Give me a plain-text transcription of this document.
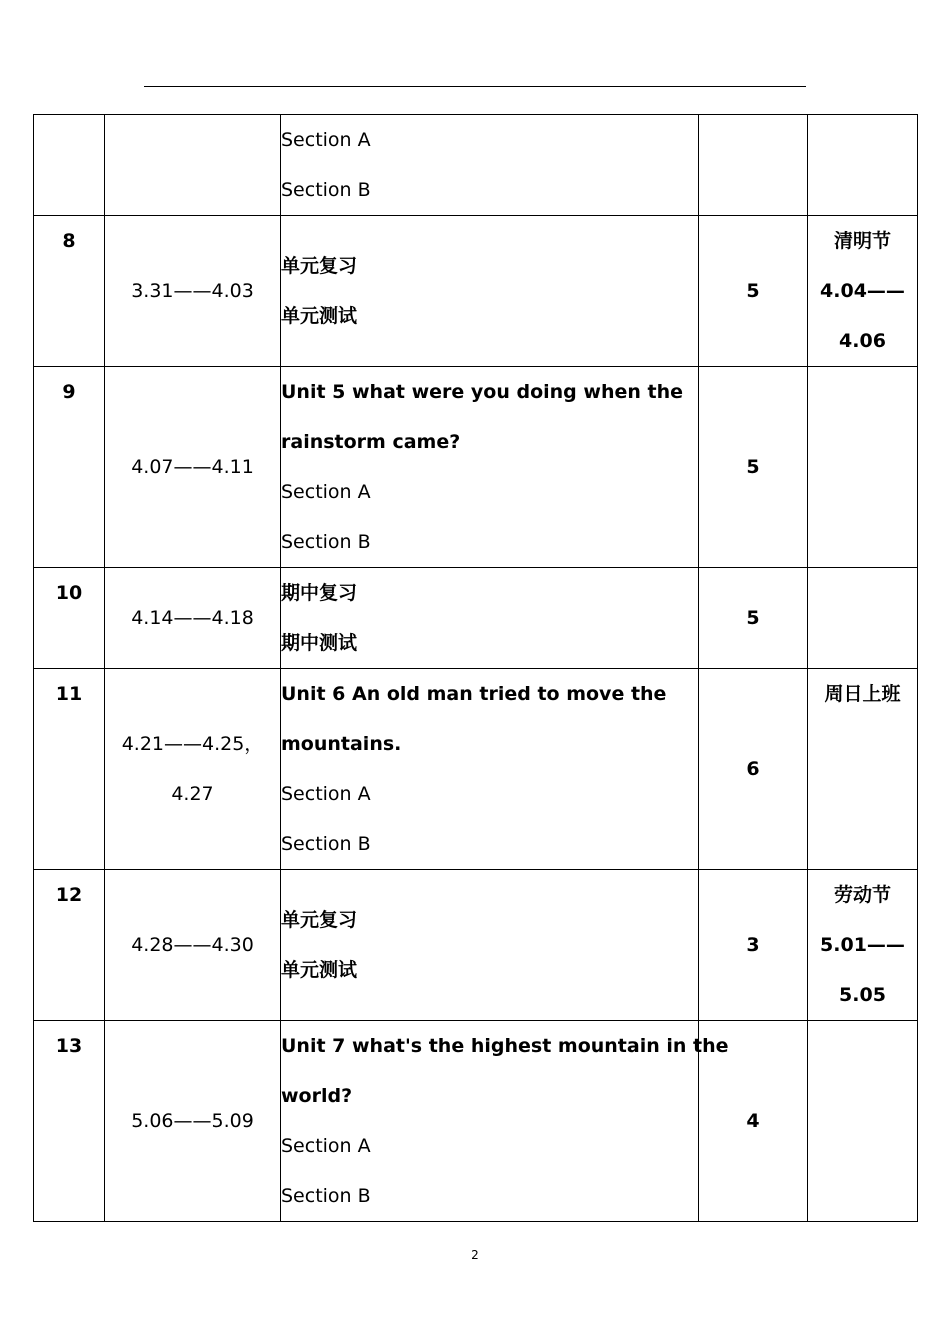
		Section A
Section B		

8	3.31——4.03	单元复习
单元测试	5	清明节
4.04——
4.06

9	4.07——4.11	Unit 5 what were you doing when the
rainstorm came?
Section A
Section B	5	

10	4.14——4.18	期中复习
期中测试	5	

11	4.21——4.25，
4.27	Unit 6 An old man tried to move the
mountains.
Section A
Section B	6	周日上班

12	4.28——4.30	单元复习
单元测试	3	劳动节
5.01——
5.05

13	5.06——5.09	Unit 7 what's the highest mountain in the
world?
Section A
Section B	4	

2
